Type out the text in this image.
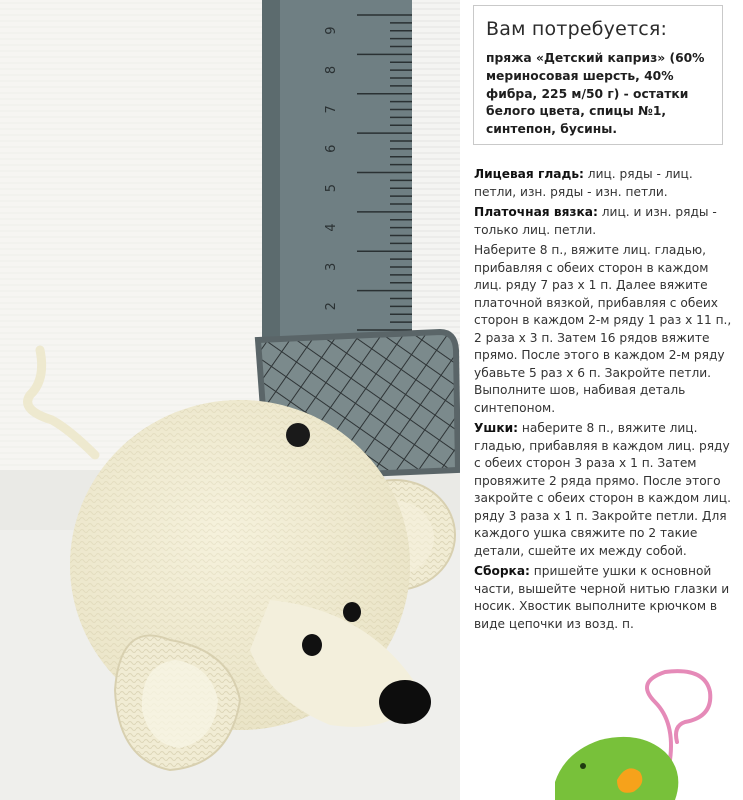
2
3
4
5
6
7
8
9	Вам потребуется:
пряжа «Детский каприз» (60% мериносовая шерсть, 40% фибра, 225 м/50 г) - остатки белого цвета, спицы №1, синтепон, бусины.

Лицевая гладь: лиц. ряды - лиц. петли, изн. ряды - изн. петли.

Платочная вязка: лиц. и изн. ряды - только лиц. петли.

Наберите 8 п., вяжите лиц. гладью, прибавляя с обеих сторон в каждом лиц. ряду 7 раз х 1 п. Далее вяжите платочной вязкой, прибавляя с обеих сторон в каждом 2-м ряду 1 раз х 11 п., 2 раза х 3 п. Затем 16 рядов вяжите прямо. После этого в каждом 2-м ряду убавьте 5 раз х 6 п. Закройте петли. Выполните шов, набивая деталь синтепоном.

Ушки: наберите 8 п., вяжите лиц. гладью, прибавляя в каждом лиц. ряду с обеих сторон 3 раза х 1 п. Затем провяжите 2 ряда прямо. После этого закройте с обеих сторон в каждом лиц. ряду 3 раза х 1 п. Закройте петли. Для каждого ушка свяжите по 2 такие детали, сшейте их между собой.

Сборка: пришейте ушки к основной части, вышейте черной нитью глазки и носик. Хвостик выполните крючком в виде цепочки из возд. п.
